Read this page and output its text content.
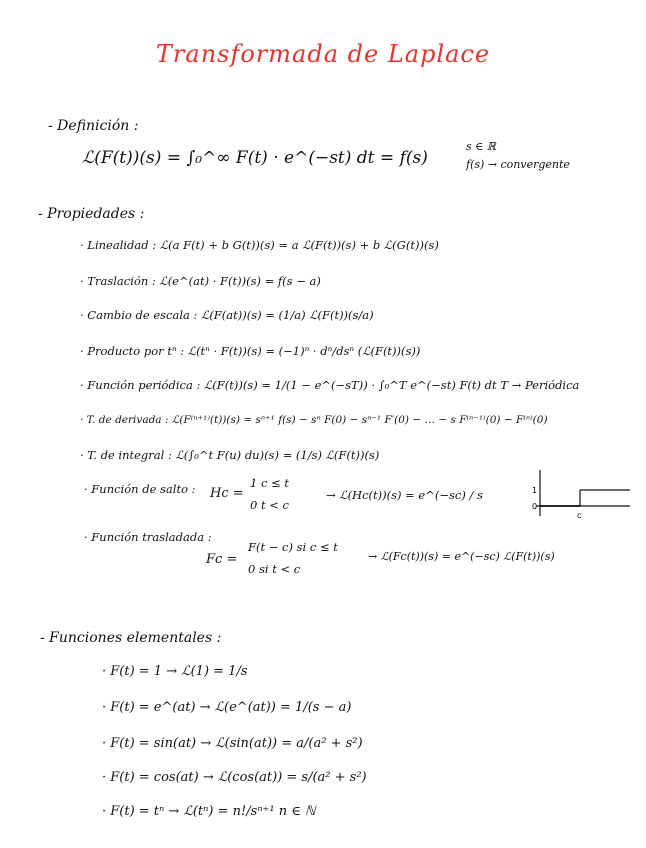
Transformada de Laplace
- Definición :
ℒ(F(t))(s) = ∫₀^∞ F(t) · e^(−st) dt = f(s)
s ∈ ℝ
f(s) → convergente
- Propiedades :
· Linealidad : ℒ(a F(t) + b G(t))(s) = a ℒ(F(t))(s) + b ℒ(G(t))(s)
· Traslación : ℒ(e^(at) · F(t))(s) = f(s − a)
· Cambio de escala : ℒ(F(at))(s) = (1/a) ℒ(F(t))(s/a)
· Producto por tⁿ : ℒ(tⁿ · F(t))(s) = (−1)ⁿ · dⁿ/dsⁿ (ℒ(F(t))(s))
· Función periódica : ℒ(F(t))(s) = 1/(1 − e^(−sT)) · ∫₀^T e^(−st) F(t) dt T → Periódica
· T. de derivada : ℒ(F⁽ⁿ⁺¹⁾(t))(s) = sⁿ⁺¹ f(s) − sⁿ F(0) − sⁿ⁻¹ F′(0) − … − s F⁽ⁿ⁻¹⁾(0) − F⁽ⁿ⁾(0)
· T. de integral : ℒ(∫₀^t F(u) du)(s) = (1/s) ℒ(F(t))(s)
· Función de salto : Hc =
1 c ≤ t
0 t < c
→ ℒ(Hc(t))(s) = e^(−sc) / s	1
0
c
· Función trasladada :
Fc =
F(t − c) si c ≤ t
0 si t < c
→ ℒ(Fc(t))(s) = e^(−sc) ℒ(F(t))(s)
- Funciones elementales :
· F(t) = 1 → ℒ(1) = 1/s
· F(t) = e^(at) → ℒ(e^(at)) = 1/(s − a)
· F(t) = sin(at) → ℒ(sin(at)) = a/(a² + s²)
· F(t) = cos(at) → ℒ(cos(at)) = s/(a² + s²)
· F(t) = tⁿ → ℒ(tⁿ) = n!/sⁿ⁺¹ n ∈ ℕ
